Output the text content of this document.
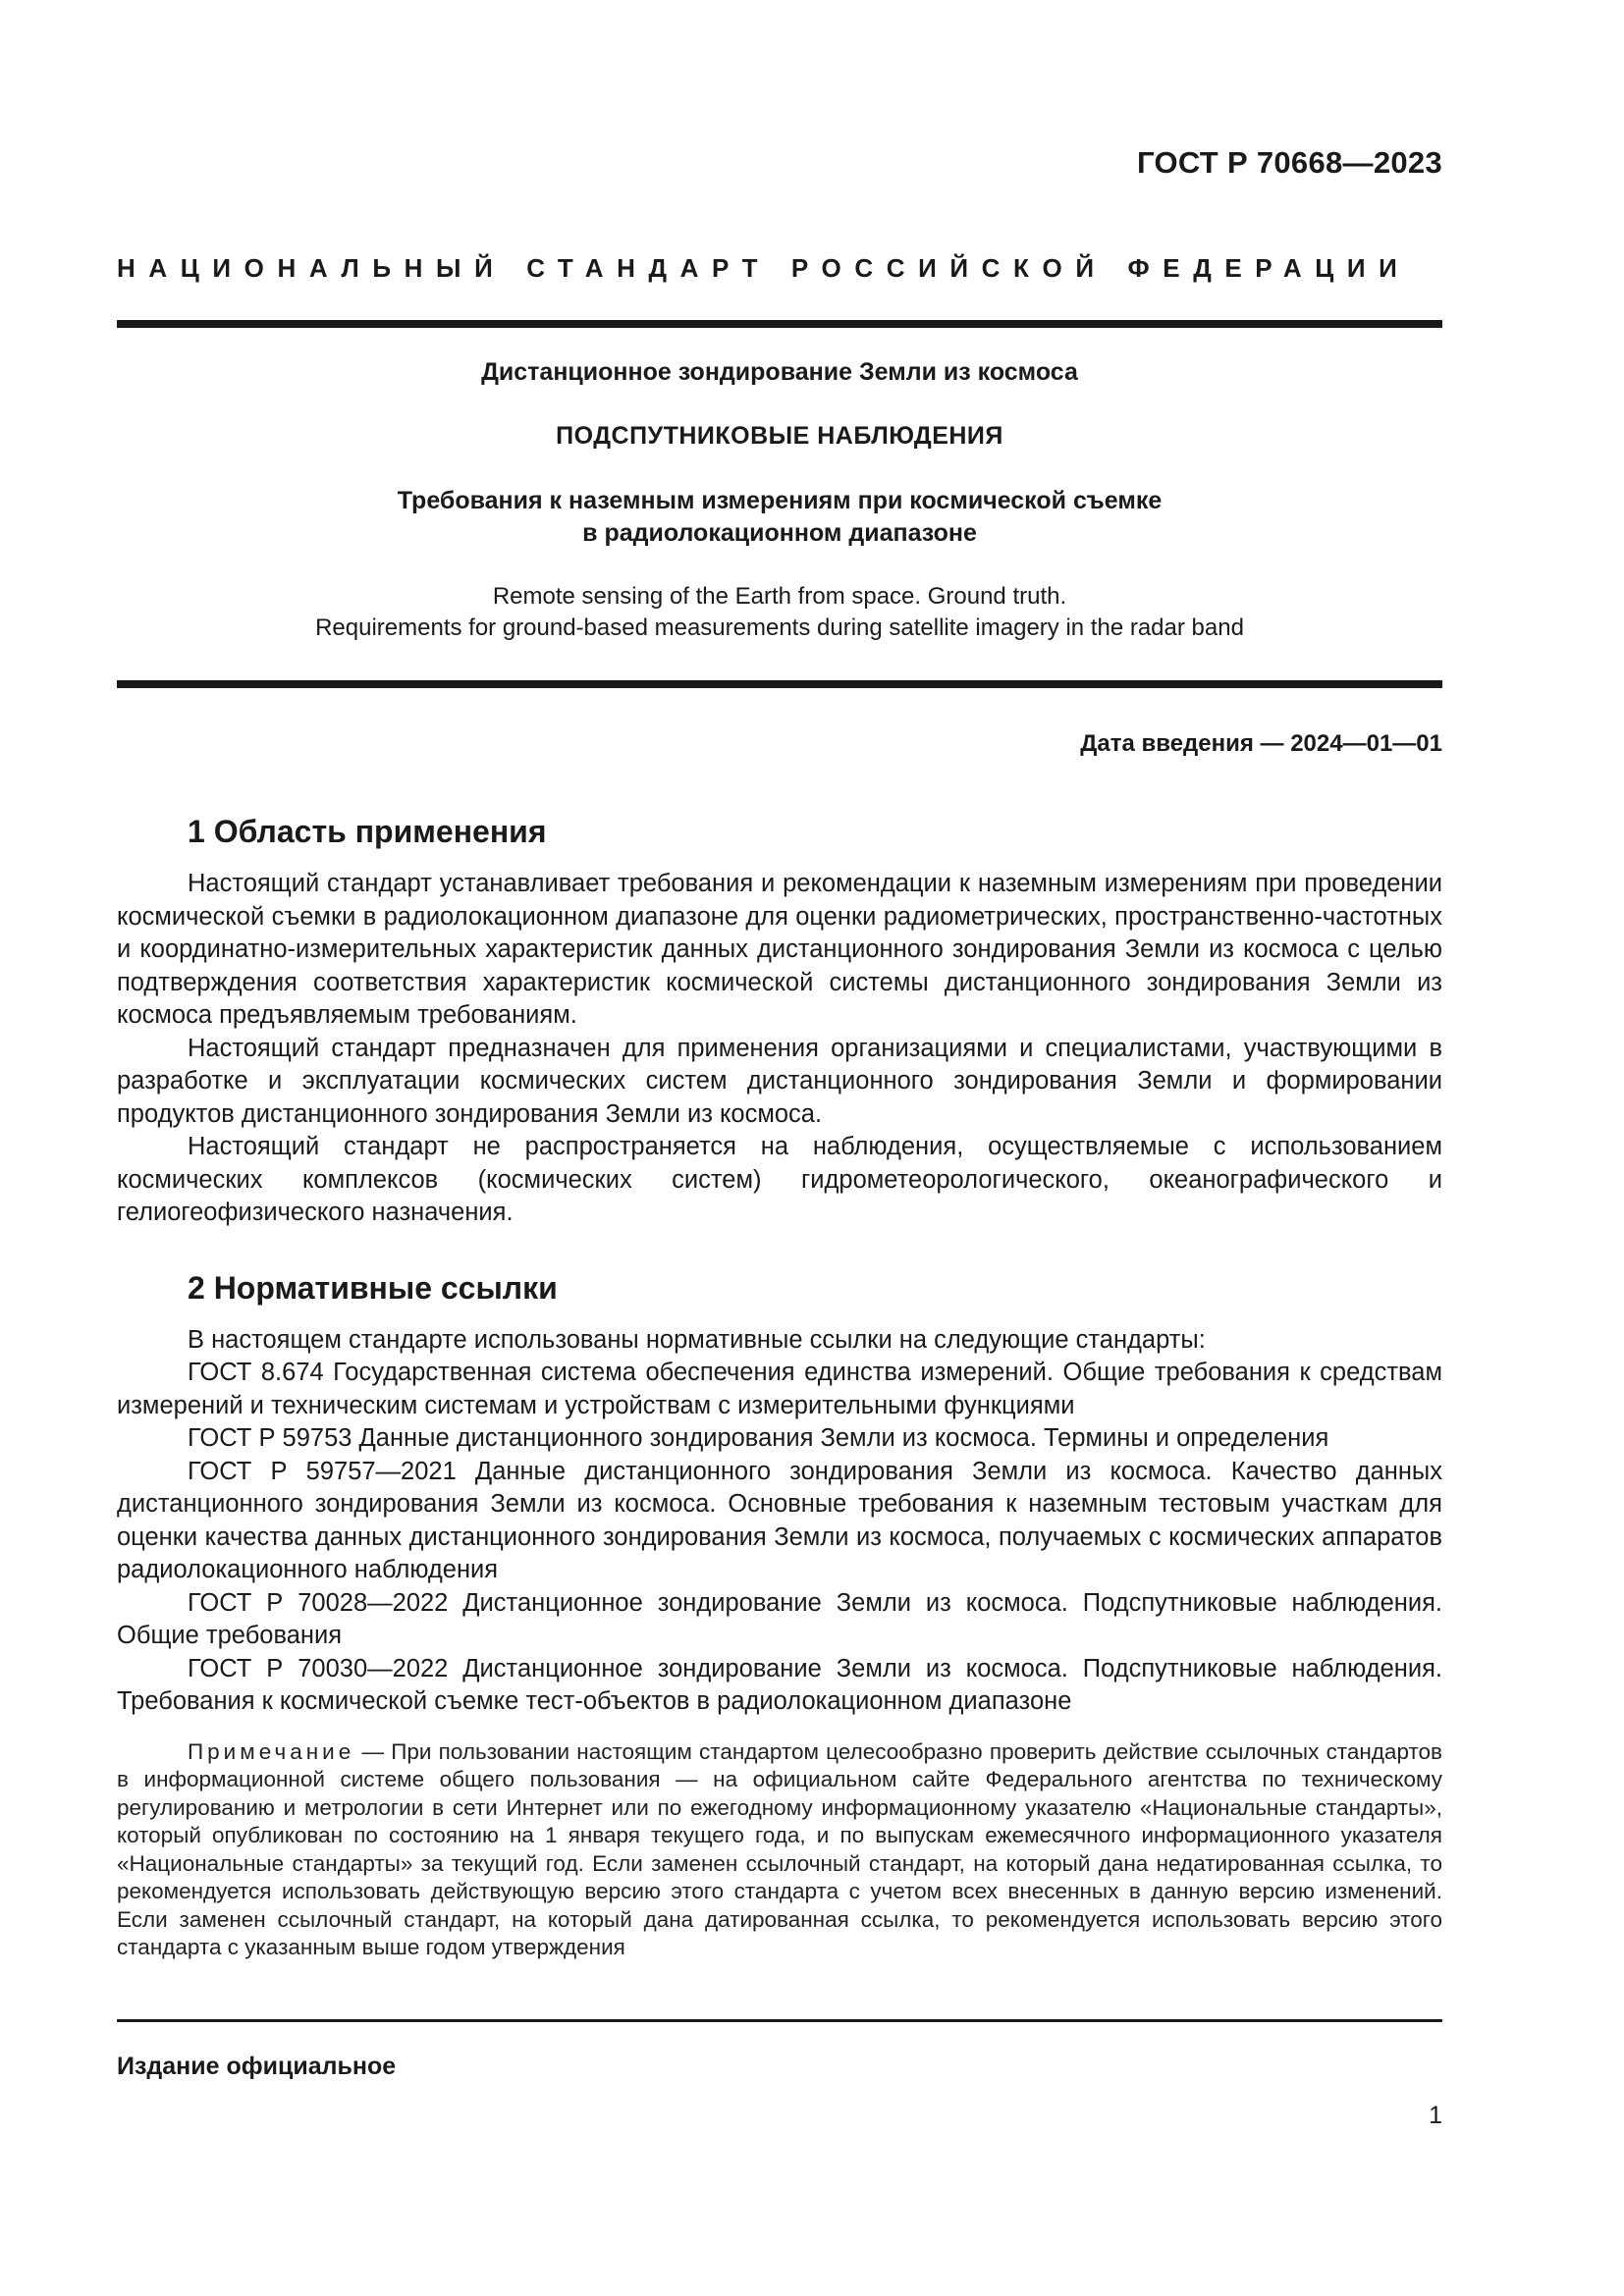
ГОСТ Р 70668—2023
НАЦИОНАЛЬНЫЙ СТАНДАРТ РОССИЙСКОЙ ФЕДЕРАЦИИ
Дистанционное зондирование Земли из космоса
ПОДСПУТНИКОВЫЕ НАБЛЮДЕНИЯ
Требования к наземным измерениям при космической съемке
в радиолокационном диапазоне
Remote sensing of the Earth from space. Ground truth.
Requirements for ground-based measurements during satellite imagery in the radar band
Дата введения — 2024—01—01
1 Область применения

Настоящий стандарт устанавливает требования и рекомендации к наземным измерениям при проведении космической съемки в радиолокационном диапазоне для оценки радиометрических, пространственно-частотных и координатно-измерительных характеристик данных дистанционного зондирования Земли из космоса с целью подтверждения соответствия характеристик космической системы дистанционного зондирования Земли из космоса предъявляемым требованиям.

Настоящий стандарт предназначен для применения организациями и специалистами, участвующими в разработке и эксплуатации космических систем дистанционного зондирования Земли и формировании продуктов дистанционного зондирования Земли из космоса.

Настоящий стандарт не распространяется на наблюдения, осуществляемые с использованием космических комплексов (космических систем) гидрометеорологического, океанографического и гелиогеофизического назначения.

2 Нормативные ссылки

В настоящем стандарте использованы нормативные ссылки на следующие стандарты:

ГОСТ 8.674 Государственная система обеспечения единства измерений. Общие требования к средствам измерений и техническим системам и устройствам с измерительными функциями

ГОСТ Р 59753 Данные дистанционного зондирования Земли из космоса. Термины и определения

ГОСТ Р 59757—2021 Данные дистанционного зондирования Земли из космоса. Качество данных дистанционного зондирования Земли из космоса. Основные требования к наземным тестовым участкам для оценки качества данных дистанционного зондирования Земли из космоса, получаемых с космических аппаратов радиолокационного наблюдения

ГОСТ Р 70028—2022 Дистанционное зондирование Земли из космоса. Подспутниковые наблюдения. Общие требования

ГОСТ Р 70030—2022 Дистанционное зондирование Земли из космоса. Подспутниковые наблюдения. Требования к космической съемке тест-объектов в радиолокационном диапазоне

Примечание — При пользовании настоящим стандартом целесообразно проверить действие ссылочных стандартов в информационной системе общего пользования — на официальном сайте Федерального агентства по техническому регулированию и метрологии в сети Интернет или по ежегодному информационному указателю «Национальные стандарты», который опубликован по состоянию на 1 января текущего года, и по выпускам ежемесячного информационного указателя «Национальные стандарты» за текущий год. Если заменен ссылочный стандарт, на который дана недатированная ссылка, то рекомендуется использовать действующую версию этого стандарта с учетом всех внесенных в данную версию изменений. Если заменен ссылочный стандарт, на который дана датированная ссылка, то рекомендуется использовать версию этого стандарта с указанным выше годом утверждения

Издание официальное
1
